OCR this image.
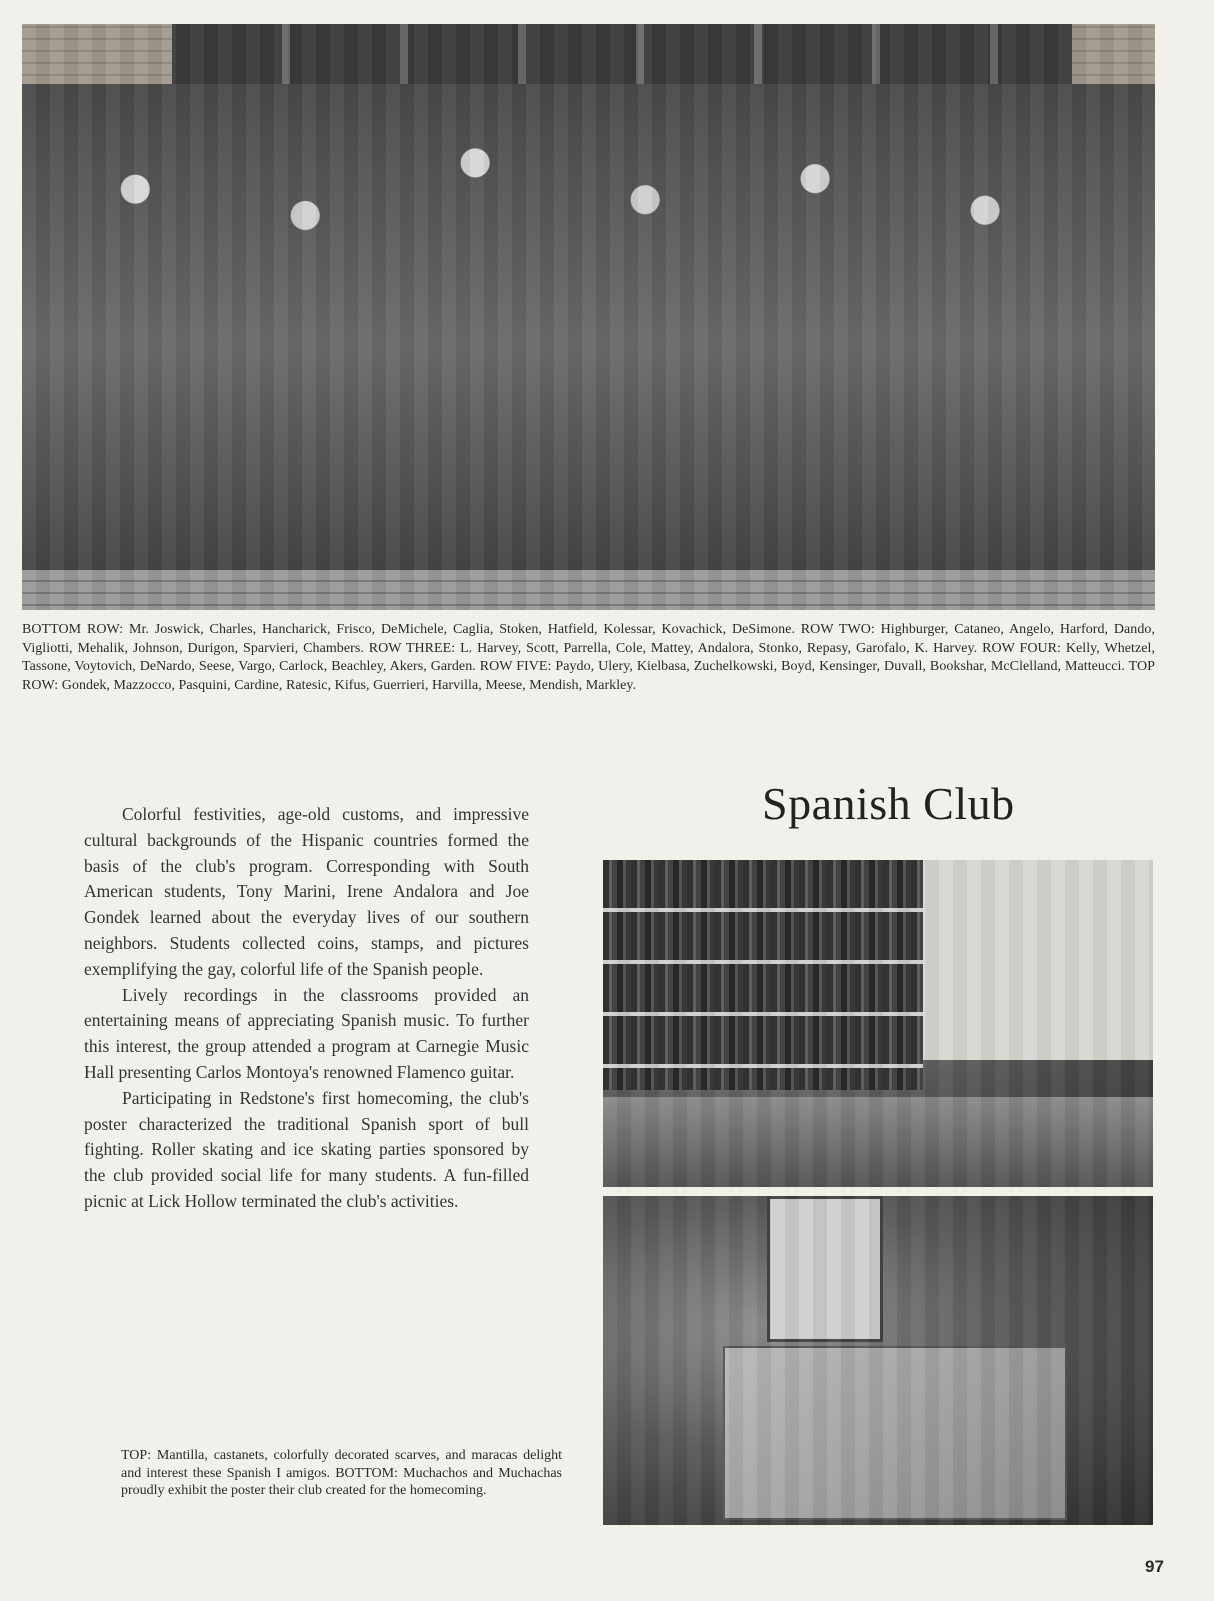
BOTTOM ROW: Mr. Joswick, Charles, Hancharick, Frisco, DeMichele, Caglia, Stoken, Hatfield, Kolessar, Kovachick, DeSimone. ROW TWO: Highburger, Cataneo, Angelo, Harford, Dando, Vigliotti, Mehalik, Johnson, Durigon, Sparvieri, Chambers. ROW THREE: L. Harvey, Scott, Parrella, Cole, Mattey, Andalora, Stonko, Repasy, Garofalo, K. Harvey. ROW FOUR: Kelly, Whetzel, Tassone, Voytovich, DeNardo, Seese, Vargo, Carlock, Beachley, Akers, Garden. ROW FIVE: Paydo, Ulery, Kielbasa, Zuchelkowski, Boyd, Kensinger, Duvall, Bookshar, McClelland, Matteucci. TOP ROW: Gondek, Mazzocco, Pasquini, Cardine, Ratesic, Kifus, Guerrieri, Harvilla, Meese, Mendish, Markley.
Spanish Club

Colorful festivities, age-old customs, and impressive cultural backgrounds of the Hispanic countries formed the basis of the club's program. Corresponding with South American students, Tony Marini, Irene Andalora and Joe Gondek learned about the everyday lives of our southern neighbors. Students collected coins, stamps, and pictures exemplifying the gay, colorful life of the Spanish people.

Lively recordings in the classrooms provided an entertaining means of appreciating Spanish music. To further this interest, the group attended a program at Carnegie Music Hall presenting Carlos Montoya's renowned Flamenco guitar.

Participating in Redstone's first homecoming, the club's poster characterized the traditional Spanish sport of bull fighting. Roller skating and ice skating parties sponsored by the club provided social life for many students. A fun-filled picnic at Lick Hollow terminated the club's activities.

TOP: Mantilla, castanets, colorfully decorated scarves, and maracas delight and interest these Spanish I amigos. BOTTOM: Muchachos and Muchachas proudly exhibit the poster their club created for the homecoming.
97
